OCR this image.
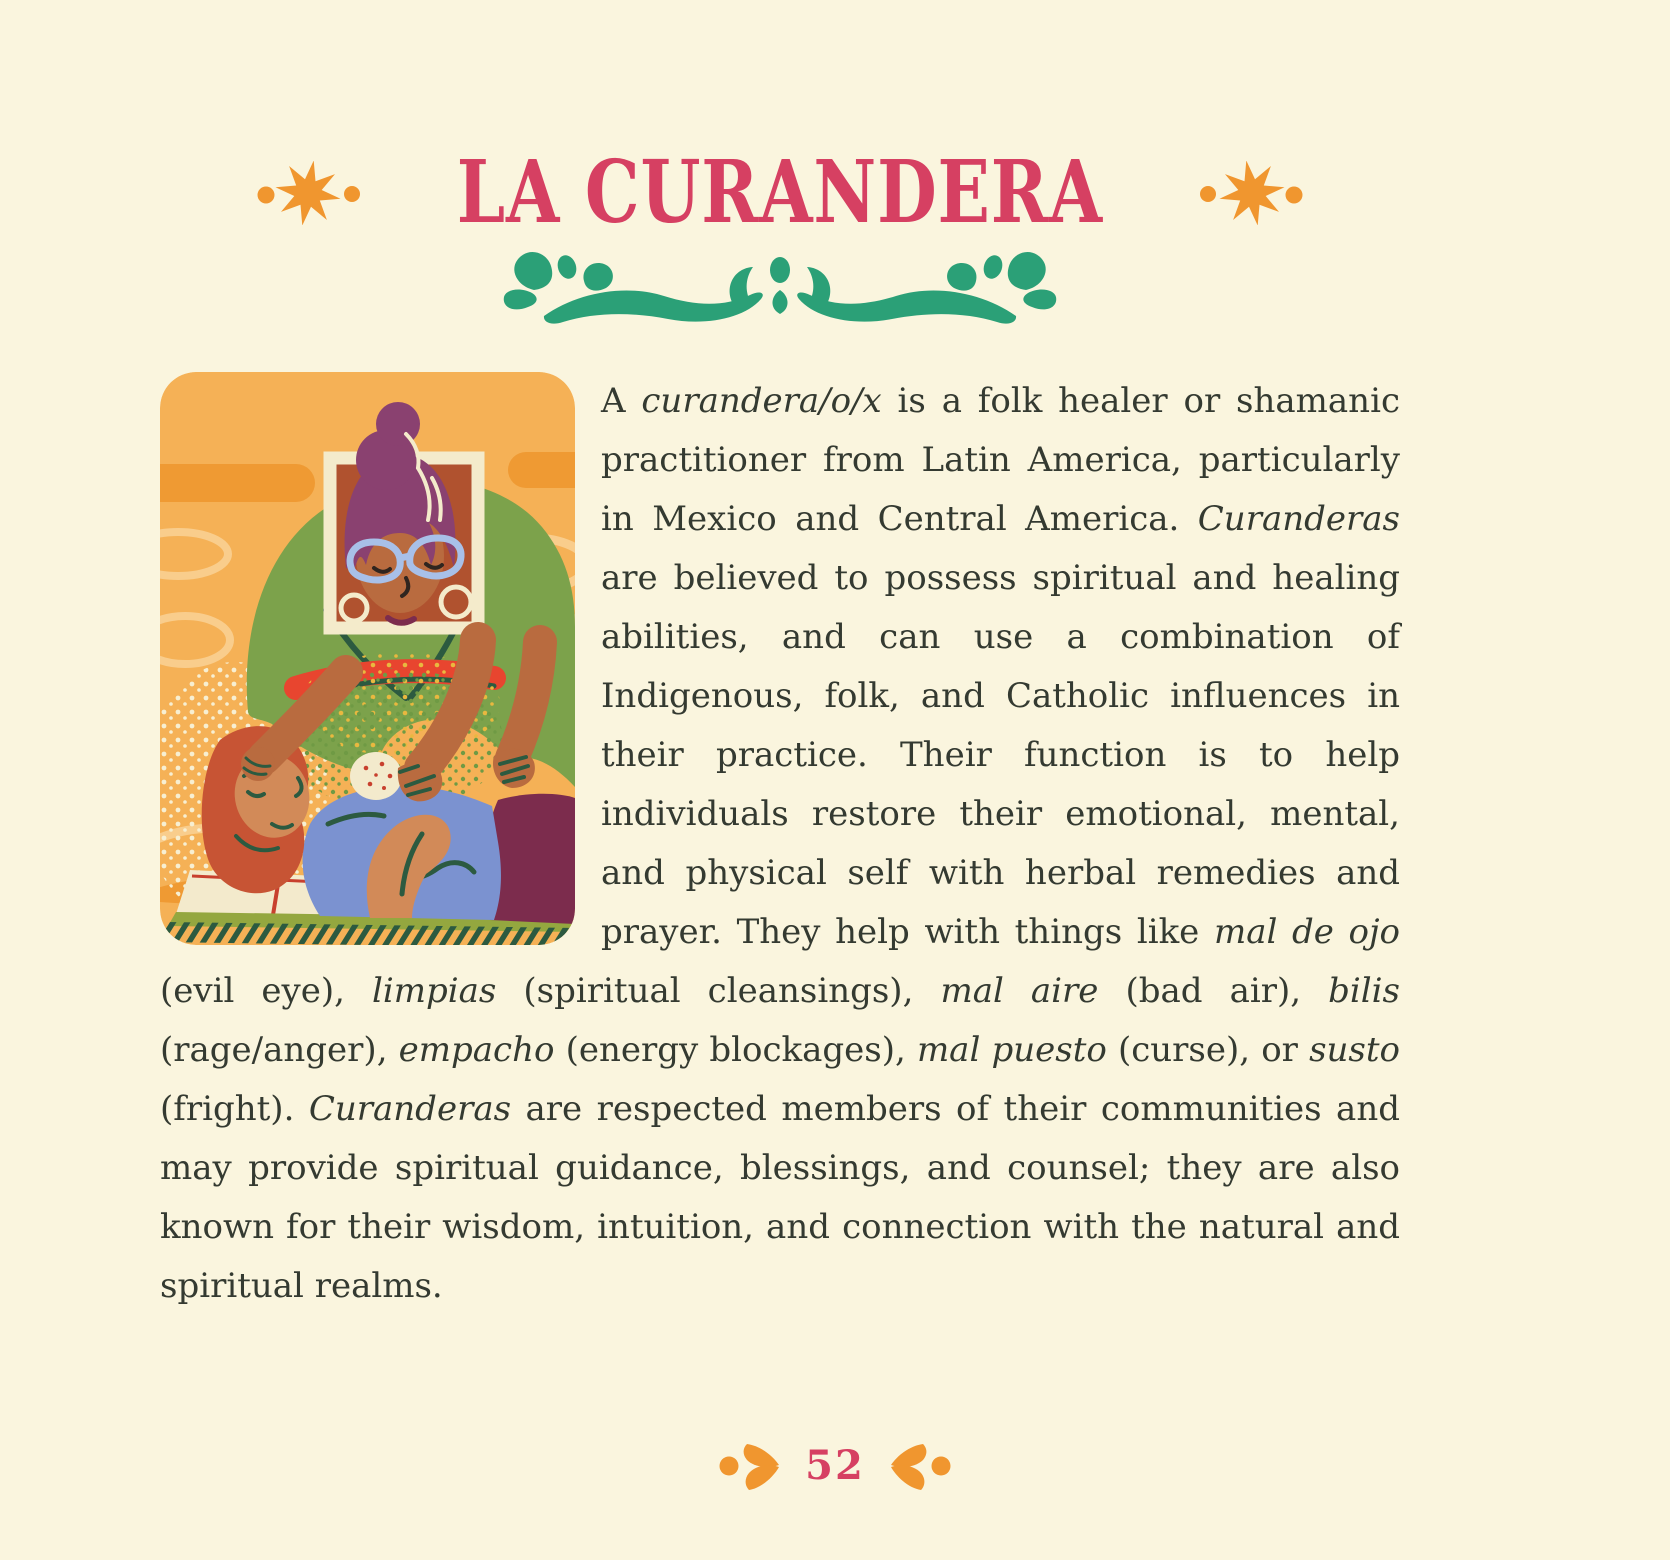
LA CURANDERA

A curandera/o/x is a folk healer or shamanic practitioner from Latin America, particularly in Mexico and Central America. Curanderas are believed to possess spiritual and healing abilities, and can use a combination of Indigenous, folk, and Catholic influences in their practice. Their function is to help individuals restore their emotional, mental, and physical self with herbal remedies and prayer. They help with things like mal de ojo (evil eye), limpias (spiritual cleansings), mal aire (bad air), bilis (rage/anger), empacho (energy blockages), mal puesto (curse), or susto (fright). Curanderas are respected members of their communities and may provide spiritual guidance, blessings, and counsel; they are also known for their wisdom, intuition, and connection with the natural and spiritual realms.

52
